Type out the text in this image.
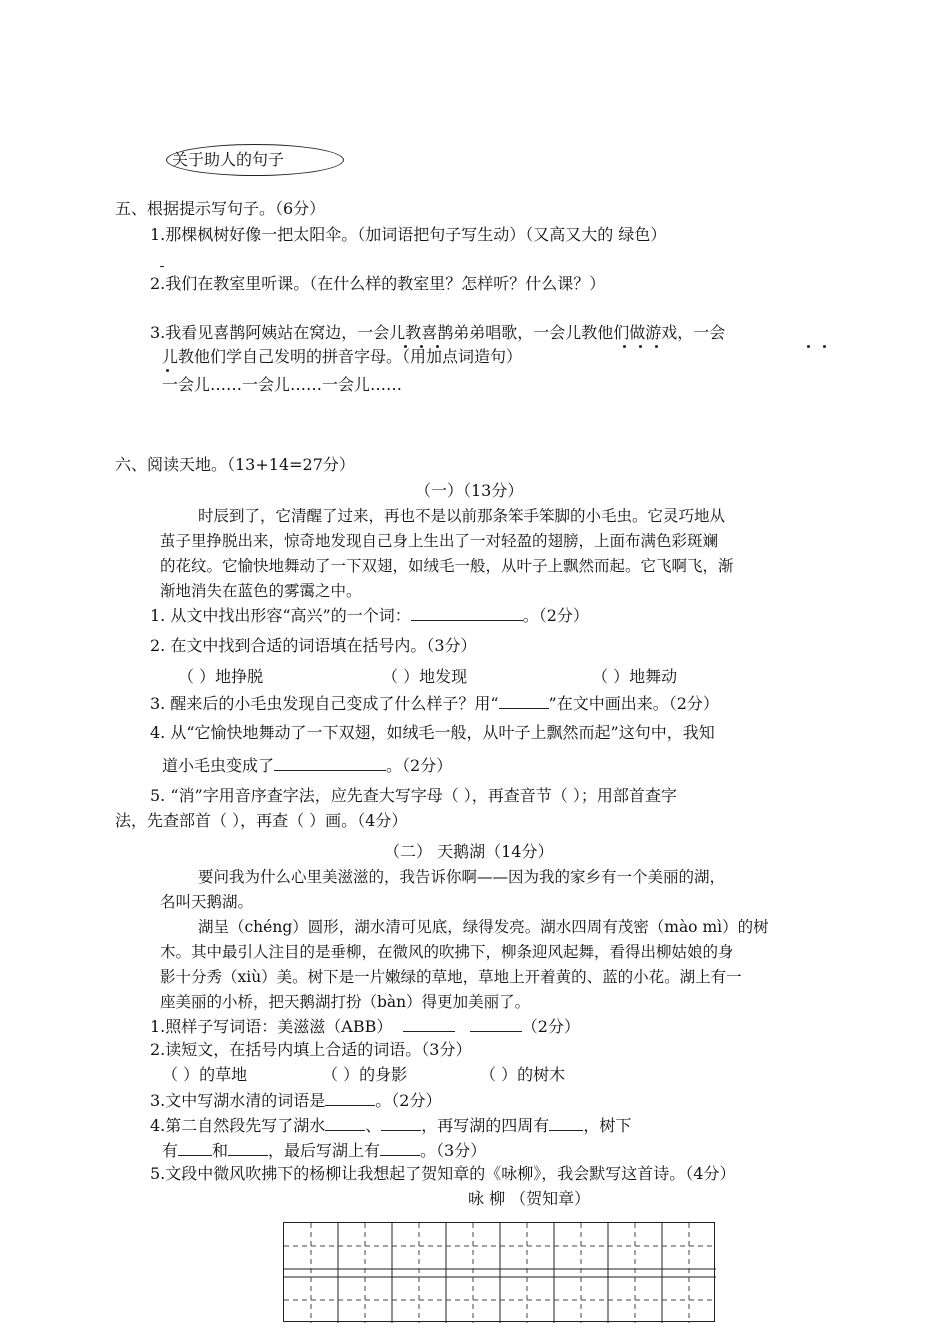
关于助人的句子
五、根据提示写句子。（6分）
1.那棵枫树好像一把太阳伞。（加词语把句子写生动）（又高又大的 绿色）
2.我们在教室里听课。（在什么样的教室里？怎样听？什么课？）
3.我看见喜鹊阿姨站在窝边，一会儿教喜鹊弟弟唱歌，一会儿教他们做游戏，一会
儿教他们学自己发明的拼音字母。（用加点词造句）
一会儿……一会儿……一会儿……
六、阅读天地。（13+14=27分）
（一）（13分）
时辰到了，它清醒了过来，再也不是以前那条笨手笨脚的小毛虫。它灵巧地从
茧子里挣脱出来，惊奇地发现自己身上生出了一对轻盈的翅膀，上面布满色彩斑斓
的花纹。它愉快地舞动了一下双翅，如绒毛一般，从叶子上飘然而起。它飞啊飞，渐
渐地消失在蓝色的雾霭之中。
1. 从文中找出形容“高兴”的一个词：	。（2分）
2. 在文中找到合适的词语填在括号内。（3分）
（ ）地挣脱	（ ）地发现	（ ）地舞动
3. 醒来后的小毛虫发现自己变成了什么样子？用“	”在文中画出来。（2分）
4. 从“它愉快地舞动了一下双翅，如绒毛一般，从叶子上飘然而起”这句中，我知
道小毛虫变成了	。（2分）
5. “消”字用音序查字法，应先查大写字母（ ），再查音节（ ）；用部首查字
法，先查部首（ ），再查（ ）画。（4分）
（二） 天鹅湖（14分）
要问我为什么心里美滋滋的，我告诉你啊——因为我的家乡有一个美丽的湖，
名叫天鹅湖。
湖呈（chéng）圆形，湖水清可见底，绿得发亮。湖水四周有茂密（mào mì）的树
木。其中最引人注目的是垂柳，在微风的吹拂下，柳条迎风起舞，看得出柳姑娘的身
影十分秀（xiù）美。树下是一片嫩绿的草地，草地上开着黄的、蓝的小花。湖上有一
座美丽的小桥，把天鹅湖打扮（bàn）得更加美丽了。
1.照样子写词语：美滋滋（ABB）	（2分）
2.读短文，在括号内填上合适的词语。（3分）
（ ）的草地	（ ）的身影	（ ）的树木
3.文中写湖水清的词语是	。（2分）
4.第二自然段先写了湖水	、	，再写湖的四周有 ，树下
有 和	，最后写湖上有	。（3分）
5.文段中微风吹拂下的杨柳让我想起了贺知章的《咏柳》，我会默写这首诗。（4分）
咏 柳 （贺知章）
